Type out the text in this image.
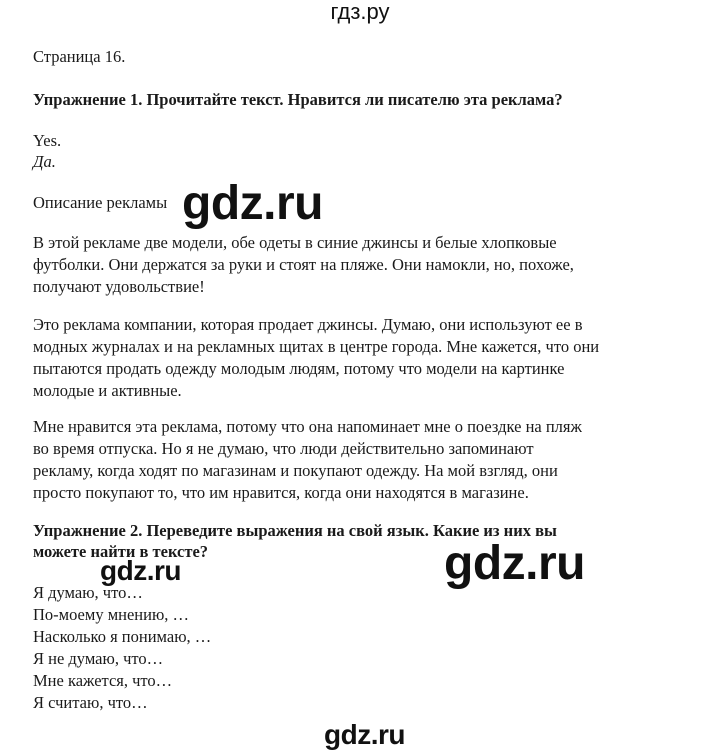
гдз.ру

Страница 16.

Упражнение 1. Прочитайте текст. Нравится ли писателю эта реклама?

Yes.

Да.

Описание рекламы gdz.ru
В этой рекламе две модели, обе одеты в синие джинсы и белые хлопковые
футболки. Они держатся за руки и стоят на пляже. Они намокли, но, похоже,
получают удовольствие!
Это реклама компании, которая продает джинсы. Думаю, они используют ее в
модных журналах и на рекламных щитах в центре города. Мне кажется, что они
пытаются продать одежду молодым людям, потому что модели на картинке
молодые и активные.
Мне нравится эта реклама, потому что она напоминает мне о поездке на пляж
во время отпуска. Но я не думаю, что люди действительно запоминают
рекламу, когда ходят по магазинам и покупают одежду. На мой взгляд, они
просто покупают то, что им нравится, когда они находятся в магазине.
Упражнение 2. Переведите выражения на свой язык. Какие из них вы
можете найти в тексте?	gdz.ru
gdz.ru
Я думаю, что…
По-моему мнению, …
Насколько я понимаю, …
Я не думаю, что…
Мне кажется, что…
Я считаю, что…
gdz.ru
